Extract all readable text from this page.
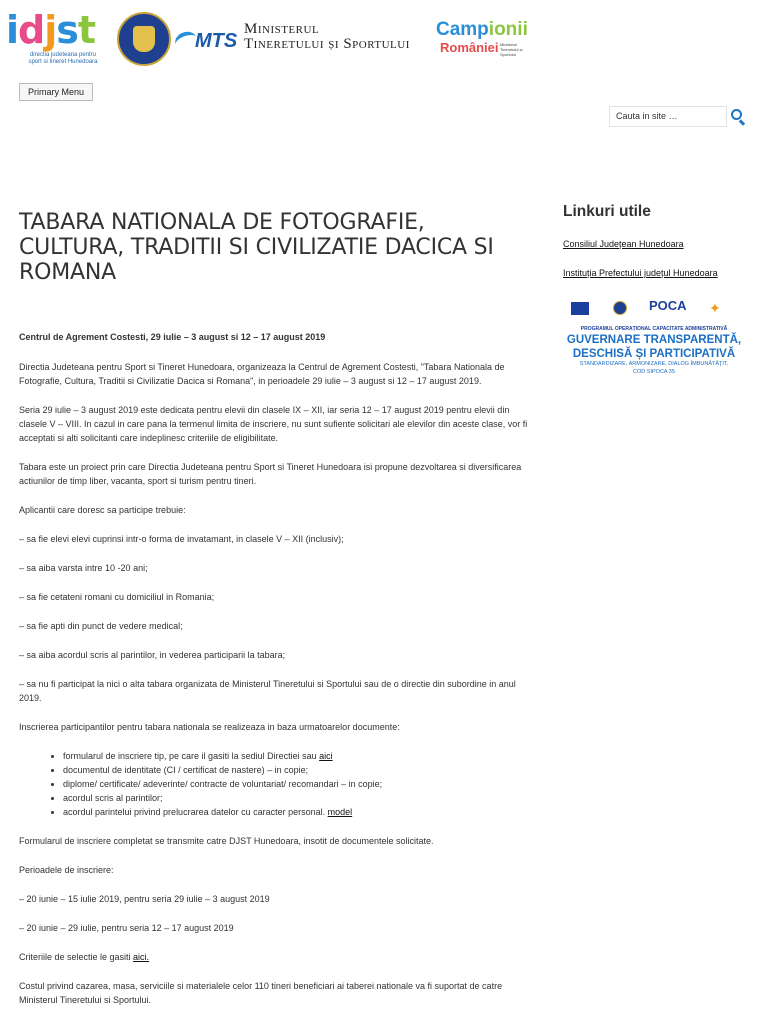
idjst
directia judeteana pentru sport si tineret Hunedoara
MTS
Ministerul
Tineretului și Sportului
Campionii
României Ministerul Tineretului și Sportului
Primary Menu
Cauta in site …
TABARA NATIONALA DE FOTOGRAFIE, CULTURA, TRADITII SI CIVILIZATIE DACICA SI ROMANA

Centrul de Agrement Costesti, 29 iulie – 3 august si 12 – 17 august 2019

Directia Judeteana pentru Sport si Tineret Hunedoara, organizeaza la Centrul de Agrement Costesti, "Tabara Nationala de Fotografie, Cultura, Traditii si Civilizatie Dacica si Romana", in perioadele 29 iulie – 3 august si 12 – 17 august 2019.

Seria 29 iulie – 3 august 2019 este dedicata pentru elevii din clasele IX – XII, iar seria 12 – 17 august 2019 pentru elevii din clasele V – VIII. In cazul in care pana la termenul limita de inscriere, nu sunt sufiente solicitari ale elevilor din aceste clase, vor fi acceptati si alti solicitanti care indeplinesc criteriile de eligibilitate.

Tabara este un proiect prin care Directia Judeteana pentru Sport si Tineret Hunedoara isi propune dezvoltarea si diversificarea actiunilor de timp liber, vacanta, sport si turism pentru tineri.

Aplicantii care doresc sa participe trebuie:

– sa fie elevi elevi cuprinsi intr-o forma de invatamant, in clasele V – XII (inclusiv);

– sa aiba varsta intre 10 -20 ani;

– sa fie cetateni romani cu domiciliul in Romania;

– sa fie apti din punct de vedere medical;

– sa aiba acordul scris al parintilor, in vederea participarii la tabara;

– sa nu fi participat la nici o alta tabara organizata de Ministerul Tineretului si Sportului sau de o directie din subordine in anul 2019.

Inscrierea participantilor pentru tabara nationala se realizeaza in baza urmatoarelor documente:

• formularul de inscriere tip, pe care il gasiti la sediul Directiei sau aici
• documentul de identitate (CI / certificat de nastere) – in copie;
• diplome/ certificate/ adeverinte/ contracte de voluntariat/ recomandari – in copie;
• acordul scris al parintilor;
• acordul parintelui privind prelucrarea datelor cu caracter personal. model

Formularul de inscriere completat se transmite catre DJST Hunedoara, insotit de documentele solicitate.

Perioadele de inscriere:

– 20 iunie – 15 iulie 2019, pentru seria 29 iulie – 3 august 2019

– 20 iunie – 29 iulie, pentru seria 12 – 17 august 2019

Criteriile de selectie le gasiti aici.

Costul privind cazarea, masa, serviciile si materialele celor 110 tineri beneficiari ai taberei nationale va fi suportat de catre Ministerul Tineretului si Sportului.

Linkuri utile
Consiliul Județean Hunedoara
Instituția Prefectului județul Hunedoara
POCA ✦
PROGRAMUL OPERAȚIONAL CAPACITATE ADMINISTRATIVĂ
GUVERNARE TRANSPARENTĂ,
DESCHISĂ ȘI PARTICIPATIVĂ
STANDARDIZARE, ARMONIZARE, DIALOG ÎMBUNĂTĂȚIT,
COD SIPOCA 35
